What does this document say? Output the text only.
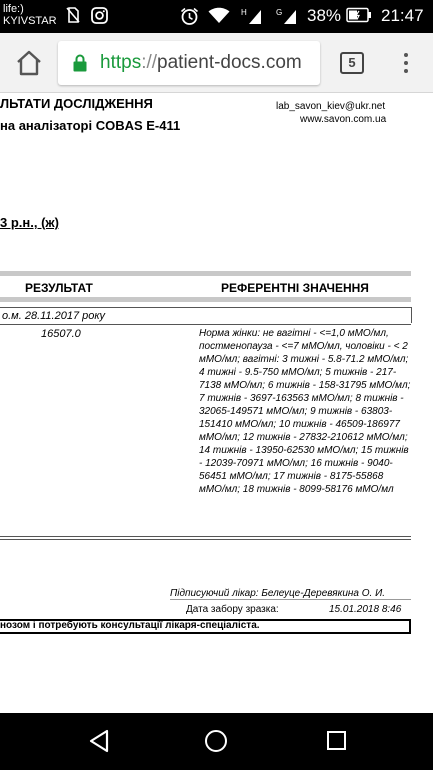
life:)
KYIVSTAR
H	G 38% 21:47
https://patient-docs.com	5
ЛЬТАТИ ДОСЛІДЖЕННЯ
на аналізаторі COBAS E-411
lab_savon_kiev@ukr.net
www.savon.com.ua
3 р.н., (ж)
РЕЗУЛЬТАТ	РЕФЕРЕНТНІ ЗНАЧЕННЯ
о.м. 28.11.2017 року
16507.0	Норма жінки: не вагітні - <=1,0 мМО/мл, постменопауза - <=7 мМО/мл, чоловіки - < 2 мМО/мл; вагітні: 3 тижні - 5.8-71.2 мМО/мл; 4 тижні - 9.5-750 мМО/мл; 5 тижнів - 217-7138 мМО/мл; 6 тижнів - 158-31795 мМО/мл; 7 тижнів - 3697-163563 мМО/мл; 8 тижнів - 32065-149571 мМО/мл; 9 тижнів - 63803-151410 мМО/мл; 10 тижнів - 46509-186977 мМО/мл; 12 тижнів - 27832-210612 мМО/мл; 14 тижнів - 13950-62530 мМО/мл; 15 тижнів - 12039-70971 мМО/мл; 16 тижнів - 9040-56451 мМО/мл; 17 тижнів - 8175-55868 мМО/мл; 18 тижнів - 8099-58176 мМО/мл
Підписуючий лікар: Белеуце-Деревякина О. И.
Дата забору зразка:	15.01.2018 8:46
нозом і потребують консультації лікаря-спеціаліста.
